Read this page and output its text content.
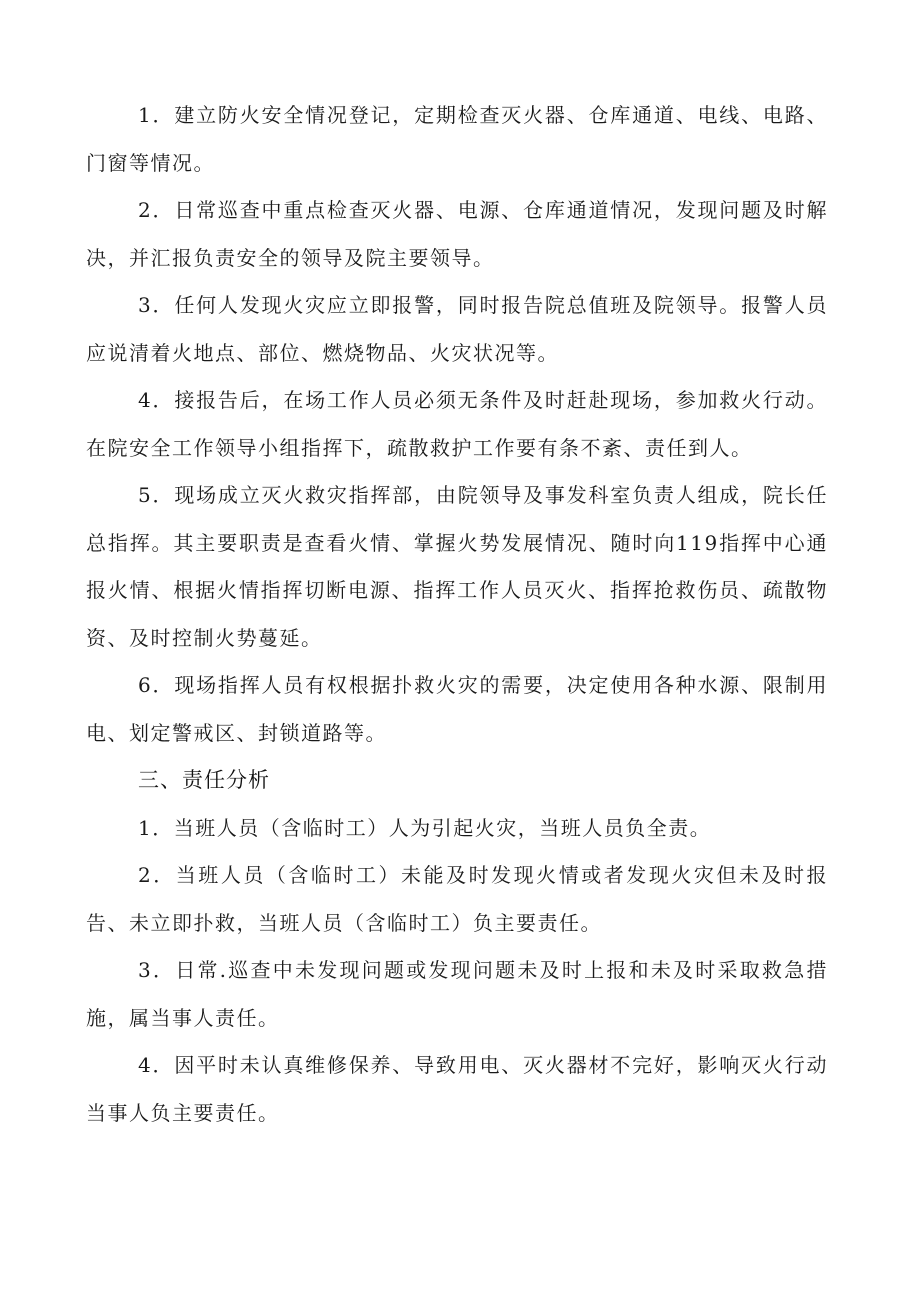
1．建立防火安全情况登记，定期检查灭火器、仓库通道、电线、电路、门窗等情况。

2．日常巡查中重点检查灭火器、电源、仓库通道情况，发现问题及时解决，并汇报负责安全的领导及院主要领导。

3．任何人发现火灾应立即报警，同时报告院总值班及院领导。报警人员应说清着火地点、部位、燃烧物品、火灾状况等。

4．接报告后，在场工作人员必须无条件及时赶赴现场，参加救火行动。在院安全工作领导小组指挥下，疏散救护工作要有条不紊、责任到人。

5．现场成立灭火救灾指挥部，由院领导及事发科室负责人组成，院长任总指挥。其主要职责是查看火情、掌握火势发展情况、随时向119指挥中心通报火情、根据火情指挥切断电源、指挥工作人员灭火、指挥抢救伤员、疏散物资、及时控制火势蔓延。

6．现场指挥人员有权根据扑救火灾的需要，决定使用各种水源、限制用电、划定警戒区、封锁道路等。

三、责任分析

1．当班人员（含临时工）人为引起火灾，当班人员负全责。

2．当班人员（含临时工）未能及时发现火情或者发现火灾但未及时报告、未立即扑救，当班人员（含临时工）负主要责任。

3．日常.巡查中未发现问题或发现问题未及时上报和未及时采取救急措施，属当事人责任。

4．因平时未认真维修保养、导致用电、灭火器材不完好，影响灭火行动当事人负主要责任。
